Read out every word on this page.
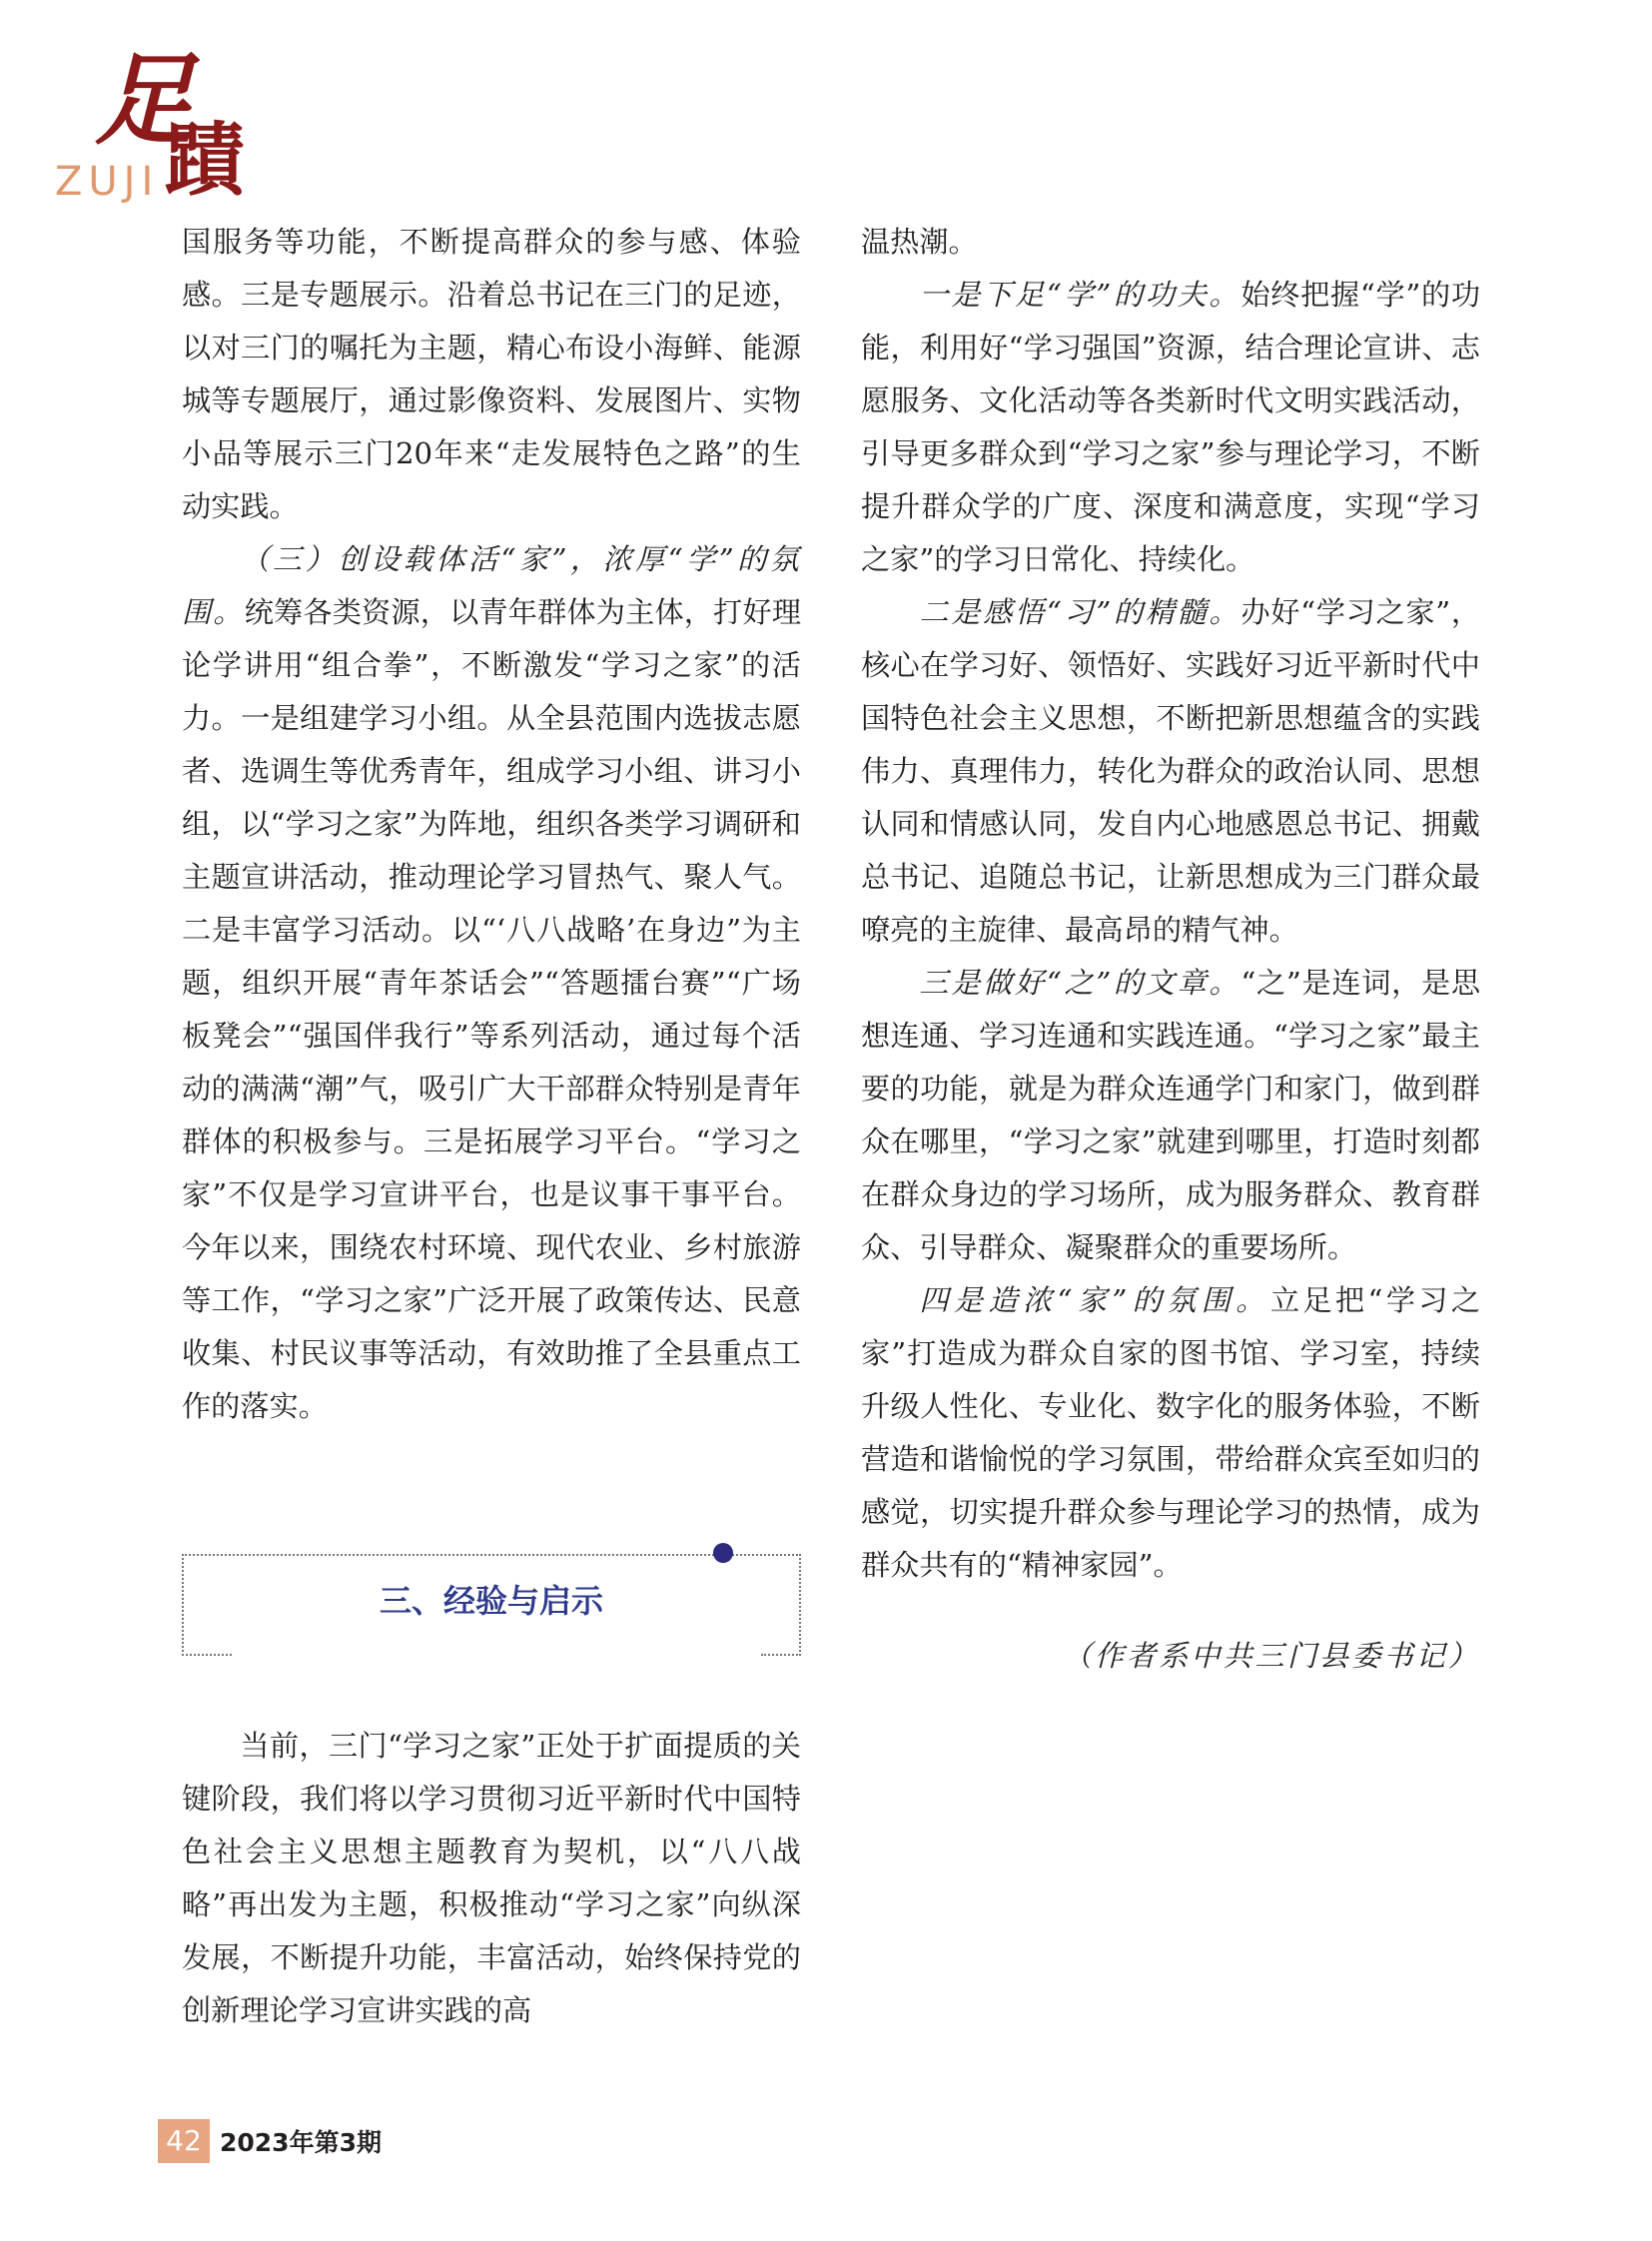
足
蹟
ZUJI

国服务等功能，不断提高群众的参与感、体验感。三是专题展示。沿着总书记在三门的足迹，以对三门的嘱托为主题，精心布设小海鲜、能源城等专题展厅，通过影像资料、发展图片、实物小品等展示三门20年来“走发展特色之路”的生动实践。

（三）创设载体活“家”，浓厚“学”的氛围。统筹各类资源，以青年群体为主体，打好理论学讲用“组合拳”，不断激发“学习之家”的活力。一是组建学习小组。从全县范围内选拔志愿者、选调生等优秀青年，组成学习小组、讲习小组，以“学习之家”为阵地，组织各类学习调研和主题宣讲活动，推动理论学习冒热气、聚人气。二是丰富学习活动。以“‘八八战略’在身边”为主题，组织开展“青年茶话会”“答题擂台赛”“广场板凳会”“强国伴我行”等系列活动，通过每个活动的满满“潮”气，吸引广大干部群众特别是青年群体的积极参与。三是拓展学习平台。“学习之家”不仅是学习宣讲平台，也是议事干事平台。今年以来，围绕农村环境、现代农业、乡村旅游等工作，“学习之家”广泛开展了政策传达、民意收集、村民议事等活动，有效助推了全县重点工作的落实。

三、经验与启示

当前，三门“学习之家”正处于扩面提质的关键阶段，我们将以学习贯彻习近平新时代中国特色社会主义思想主题教育为契机，以“八八战略”再出发为主题，积极推动“学习之家”向纵深发展，不断提升功能，丰富活动，始终保持党的创新理论学习宣讲实践的高

温热潮。

一是下足“学”的功夫。始终把握“学”的功能，利用好“学习强国”资源，结合理论宣讲、志愿服务、文化活动等各类新时代文明实践活动，引导更多群众到“学习之家”参与理论学习，不断提升群众学的广度、深度和满意度，实现“学习之家”的学习日常化、持续化。

二是感悟“习”的精髓。办好“学习之家”，核心在学习好、领悟好、实践好习近平新时代中国特色社会主义思想，不断把新思想蕴含的实践伟力、真理伟力，转化为群众的政治认同、思想认同和情感认同，发自内心地感恩总书记、拥戴总书记、追随总书记，让新思想成为三门群众最嘹亮的主旋律、最高昂的精气神。

三是做好“之”的文章。“之”是连词，是思想连通、学习连通和实践连通。“学习之家”最主要的功能，就是为群众连通学门和家门，做到群众在哪里，“学习之家”就建到哪里，打造时刻都在群众身边的学习场所，成为服务群众、教育群众、引导群众、凝聚群众的重要场所。

四是造浓“家”的氛围。立足把“学习之家”打造成为群众自家的图书馆、学习室，持续升级人性化、专业化、数字化的服务体验，不断营造和谐愉悦的学习氛围，带给群众宾至如归的感觉，切实提升群众参与理论学习的热情，成为群众共有的“精神家园”。

（作者系中共三门县委书记）

42 2023年第3期
